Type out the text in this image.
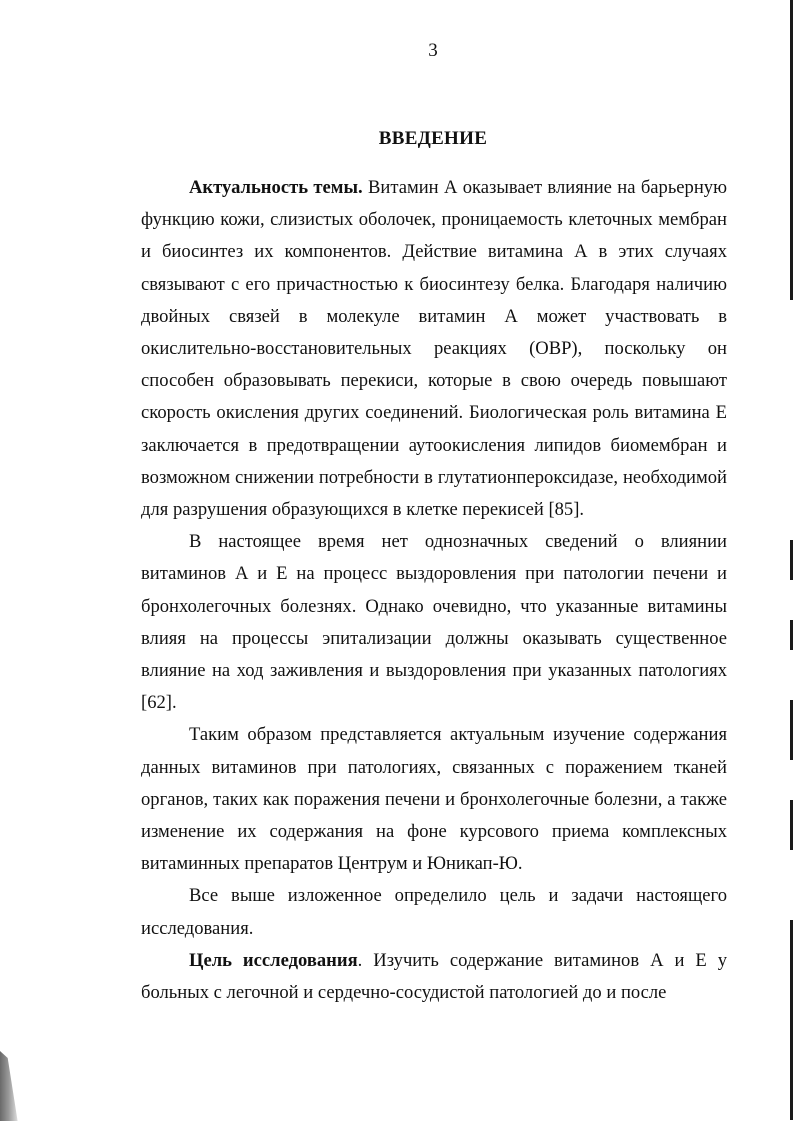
3
ВВЕДЕНИЕ

Актуальность темы. Витамин А оказывает влияние на барьерную функцию кожи, слизистых оболочек, проницаемость клеточных мембран и биосинтез их компонентов. Действие витамина А в этих случаях связывают с его причастностью к биосинтезу белка. Благодаря наличию двойных связей в молекуле витамин А может участвовать в окислительно-восстановительных реакциях (ОВР), поскольку он способен образовывать перекиси, которые в свою очередь повышают скорость окисления других соединений. Биологическая роль витамина Е заключается в предотвращении аутоокисления липидов биомембран и возможном снижении потребности в глутатионпероксидазе, необходимой для разрушения образующихся в клетке перекисей [85].

В настоящее время нет однозначных сведений о влиянии витаминов А и Е на процесс выздоровления при патологии печени и бронхолегочных болезнях. Однако очевидно, что указанные витамины влияя на процессы эпитализации должны оказывать существенное влияние на ход заживления и выздоровления при указанных патологиях [62].

Таким образом представляется актуальным изучение содержания данных витаминов при патологиях, связанных с поражением тканей органов, таких как поражения печени и бронхолегочные болезни, а также изменение их содержания на фоне курсового приема комплексных витаминных препаратов Центрум и Юникап-Ю.

Все выше изложенное определило цель и задачи настоящего исследования.

Цель исследования. Изучить содержание витаминов А и Е у больных с легочной и сердечно-сосудистой патологией до и после
